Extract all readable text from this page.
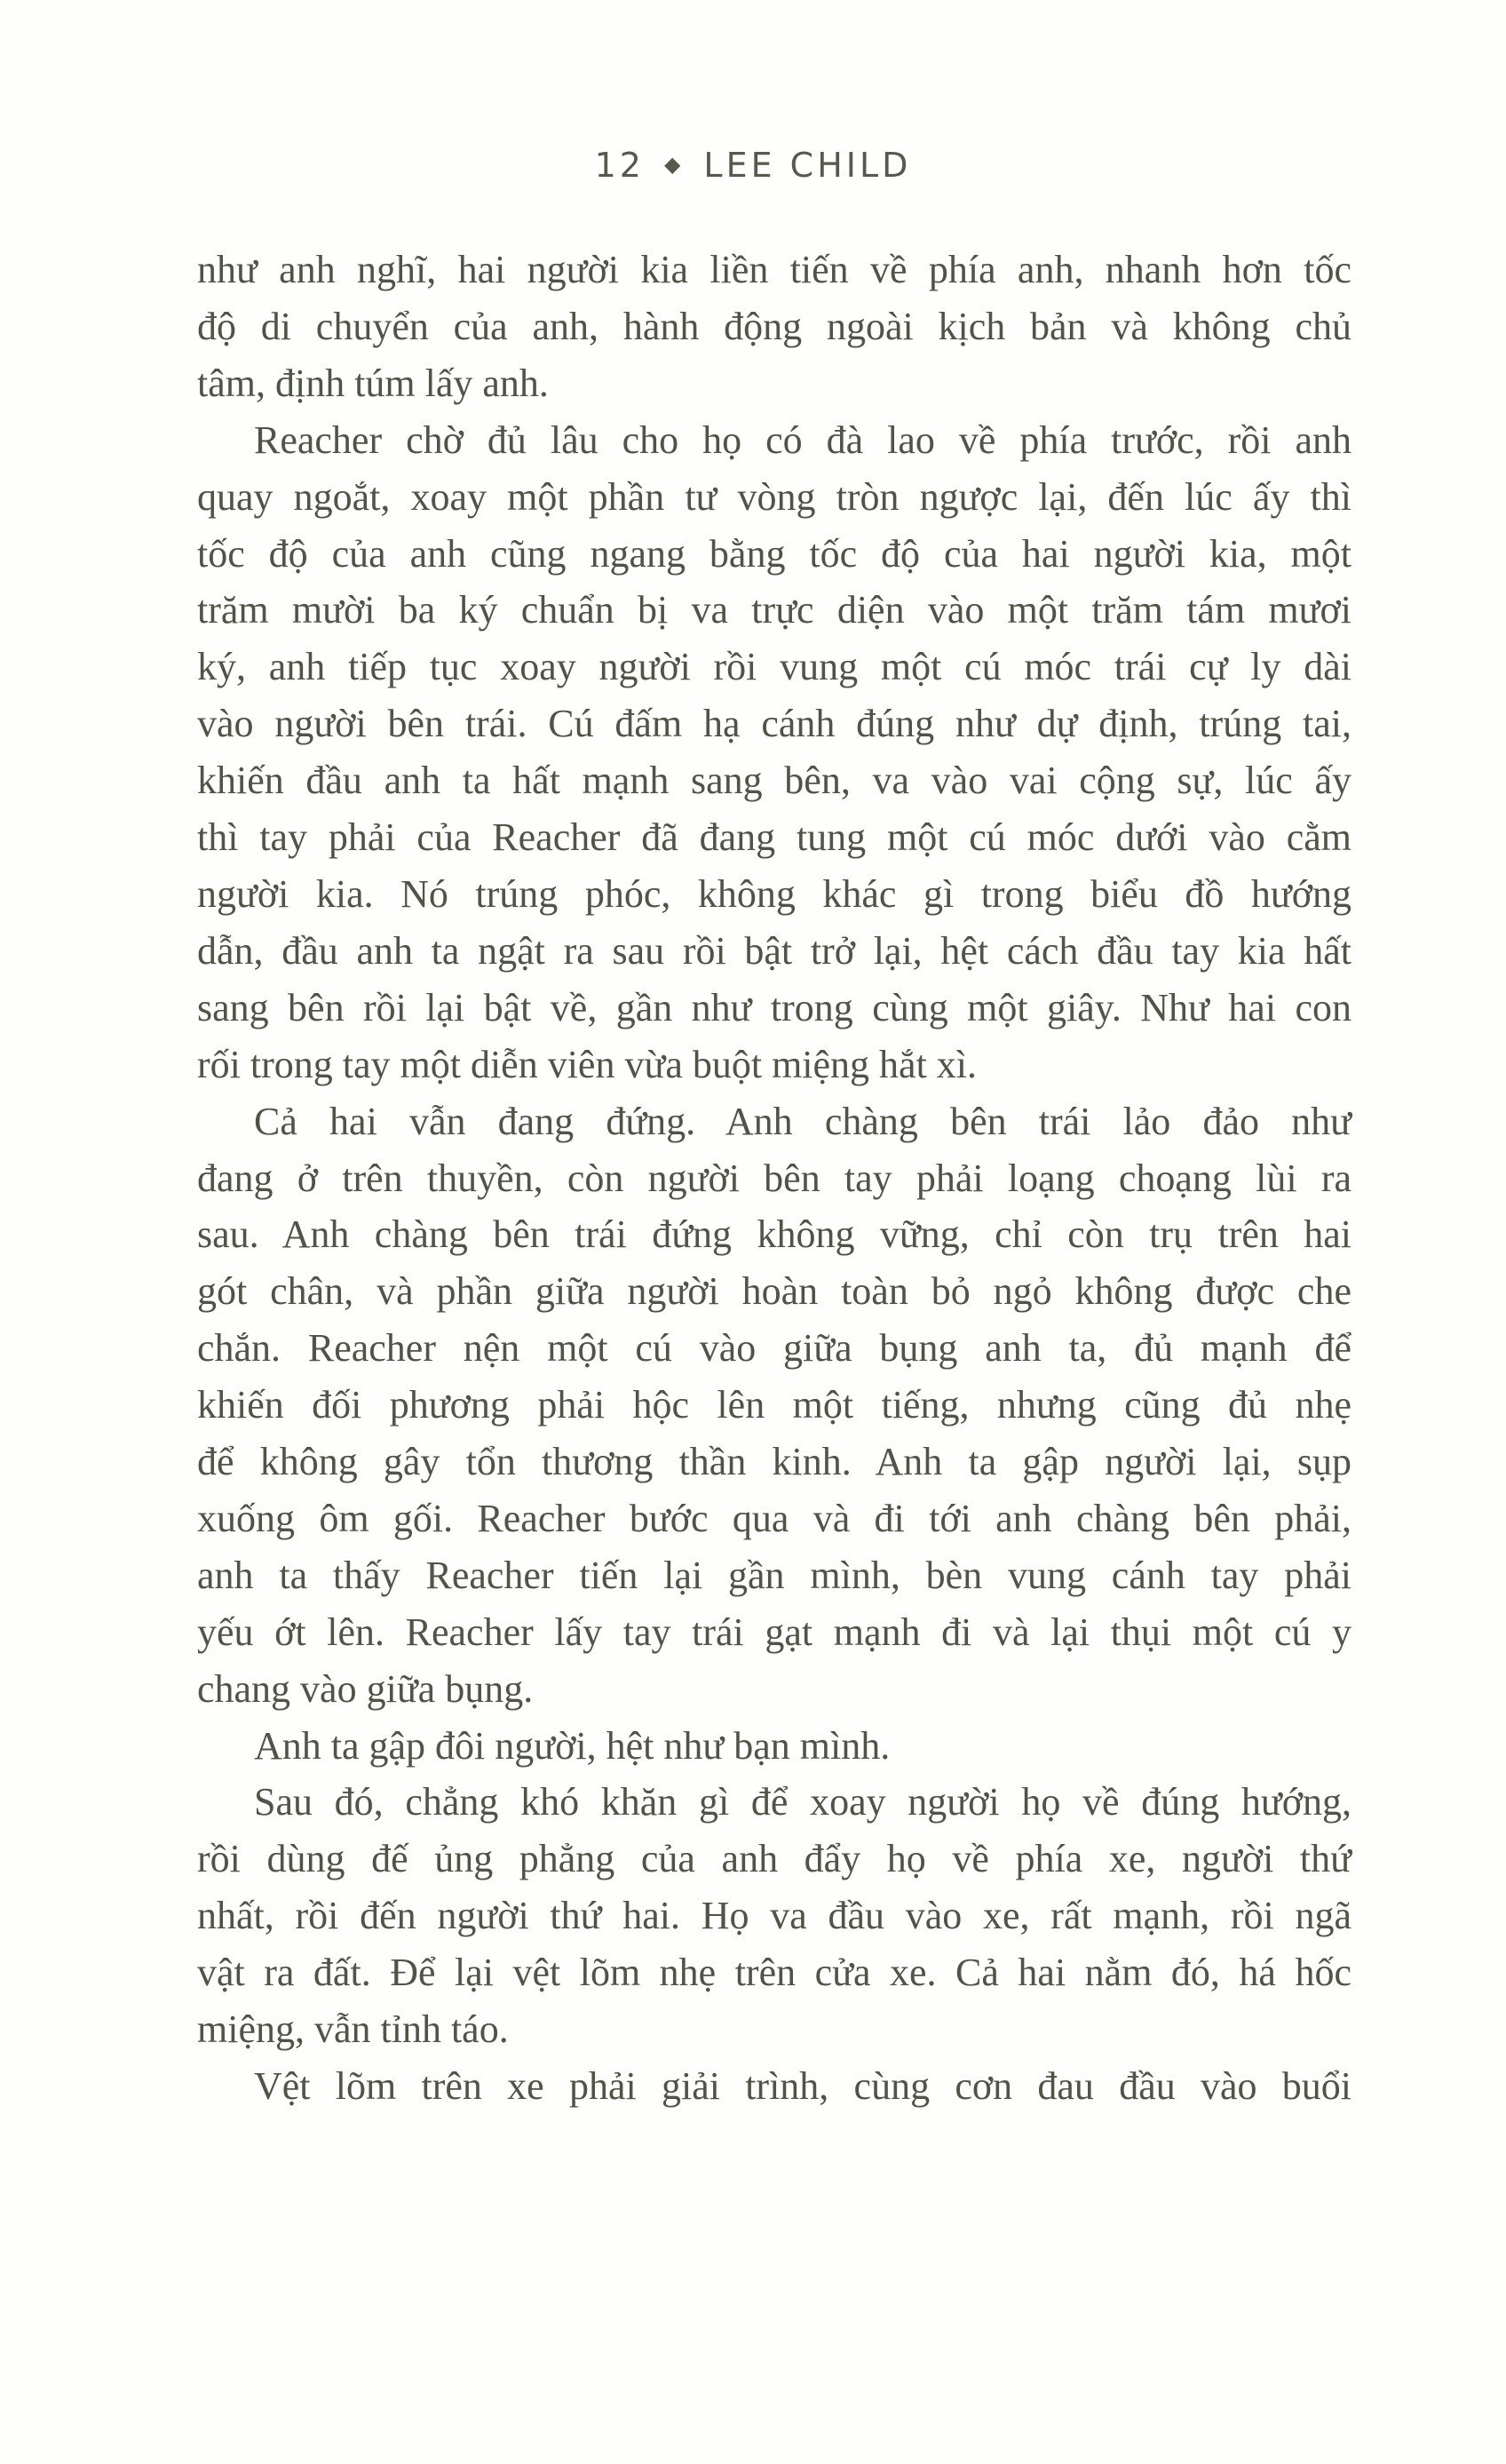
12 ◆ LEE CHILD

như anh nghĩ, hai người kia liền tiến về phía anh, nhanh hơn tốc
độ di chuyển của anh, hành động ngoài kịch bản và không chủ
tâm, định túm lấy anh.

Reacher chờ đủ lâu cho họ có đà lao về phía trước, rồi anh
quay ngoắt, xoay một phần tư vòng tròn ngược lại, đến lúc ấy thì
tốc độ của anh cũng ngang bằng tốc độ của hai người kia, một
trăm mười ba ký chuẩn bị va trực diện vào một trăm tám mươi
ký, anh tiếp tục xoay người rồi vung một cú móc trái cự ly dài
vào người bên trái. Cú đấm hạ cánh đúng như dự định, trúng tai,
khiến đầu anh ta hất mạnh sang bên, va vào vai cộng sự, lúc ấy
thì tay phải của Reacher đã đang tung một cú móc dưới vào cằm
người kia. Nó trúng phóc, không khác gì trong biểu đồ hướng
dẫn, đầu anh ta ngật ra sau rồi bật trở lại, hệt cách đầu tay kia hất
sang bên rồi lại bật về, gần như trong cùng một giây. Như hai con
rối trong tay một diễn viên vừa buột miệng hắt xì.

Cả hai vẫn đang đứng. Anh chàng bên trái lảo đảo như
đang ở trên thuyền, còn người bên tay phải loạng choạng lùi ra
sau. Anh chàng bên trái đứng không vững, chỉ còn trụ trên hai
gót chân, và phần giữa người hoàn toàn bỏ ngỏ không được che
chắn. Reacher nện một cú vào giữa bụng anh ta, đủ mạnh để
khiến đối phương phải hộc lên một tiếng, nhưng cũng đủ nhẹ
để không gây tổn thương thần kinh. Anh ta gập người lại, sụp
xuống ôm gối. Reacher bước qua và đi tới anh chàng bên phải,
anh ta thấy Reacher tiến lại gần mình, bèn vung cánh tay phải
yếu ớt lên. Reacher lấy tay trái gạt mạnh đi và lại thụi một cú y
chang vào giữa bụng.

Anh ta gập đôi người, hệt như bạn mình.

Sau đó, chẳng khó khăn gì để xoay người họ về đúng hướng,
rồi dùng đế ủng phẳng của anh đẩy họ về phía xe, người thứ
nhất, rồi đến người thứ hai. Họ va đầu vào xe, rất mạnh, rồi ngã
vật ra đất. Để lại vệt lõm nhẹ trên cửa xe. Cả hai nằm đó, há hốc
miệng, vẫn tỉnh táo.

Vệt lõm trên xe phải giải trình, cùng cơn đau đầu vào buổi
